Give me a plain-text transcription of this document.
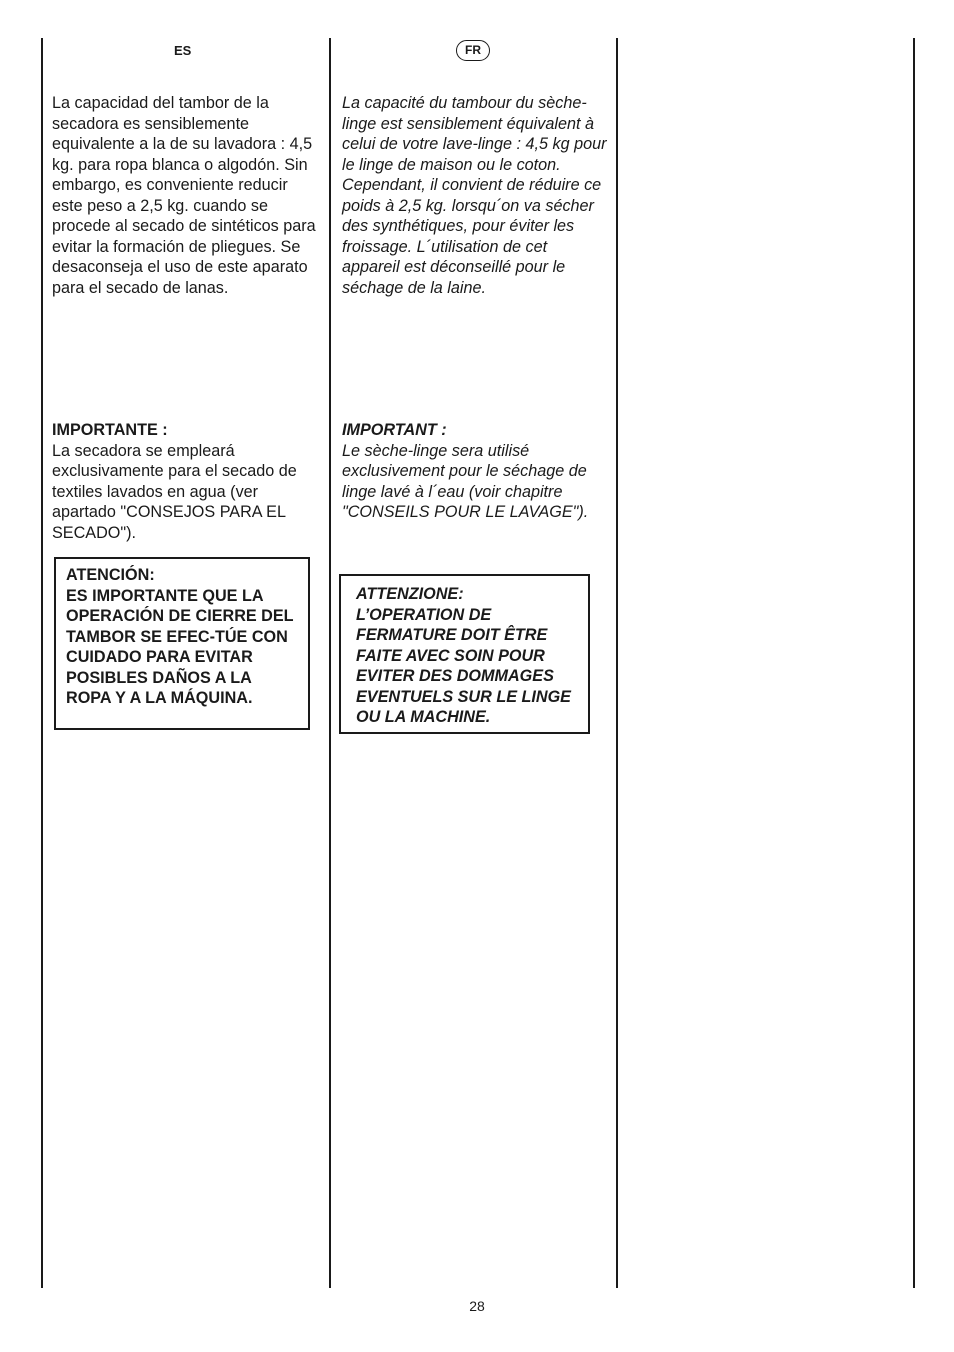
ES	FR

La capacidad del tambor de la secadora es sensiblemente equivalente a la de su lavadora : 4,5 kg. para ropa blanca o algodón. Sin embargo, es conveniente reducir este peso a 2,5 kg. cuando se procede al secado de sintéticos para evitar la formación de pliegues. Se desaconseja el uso de este aparato para el secado de lanas.

La capacité du tambour du sèche-linge est sensiblement équivalent à celui de votre lave-linge : 4,5 kg pour le linge de maison ou le coton. Cependant, il convient de réduire ce poids à 2,5 kg. lorsqu´on va sécher des synthétiques, pour éviter les froissage. L´utilisation de cet appareil est déconseillé pour le séchage de la laine.

IMPORTANTE :

La secadora se empleará exclusivamente para el secado de textiles lavados en agua (ver apartado "CONSEJOS PARA EL SECADO").

IMPORTANT :

Le sèche-linge sera utilisé exclusivement pour le séchage de linge lavé à l´eau (voir chapitre "CONSEILS POUR LE LAVAGE").

ATENCIÓN:
ES IMPORTANTE QUE LA OPERACIÓN DE CIERRE DEL TAMBOR SE EFEC-TÚE CON CUIDADO PARA EVITAR POSIBLES DAÑOS A LA ROPA Y A LA MÁQUINA.
ATTENZIONE:
L’OPERATION DE FERMATURE DOIT ÊTRE FAITE AVEC SOIN POUR EVITER DES DOMMAGES EVENTUELS SUR LE LINGE OU LA MACHINE.
28
